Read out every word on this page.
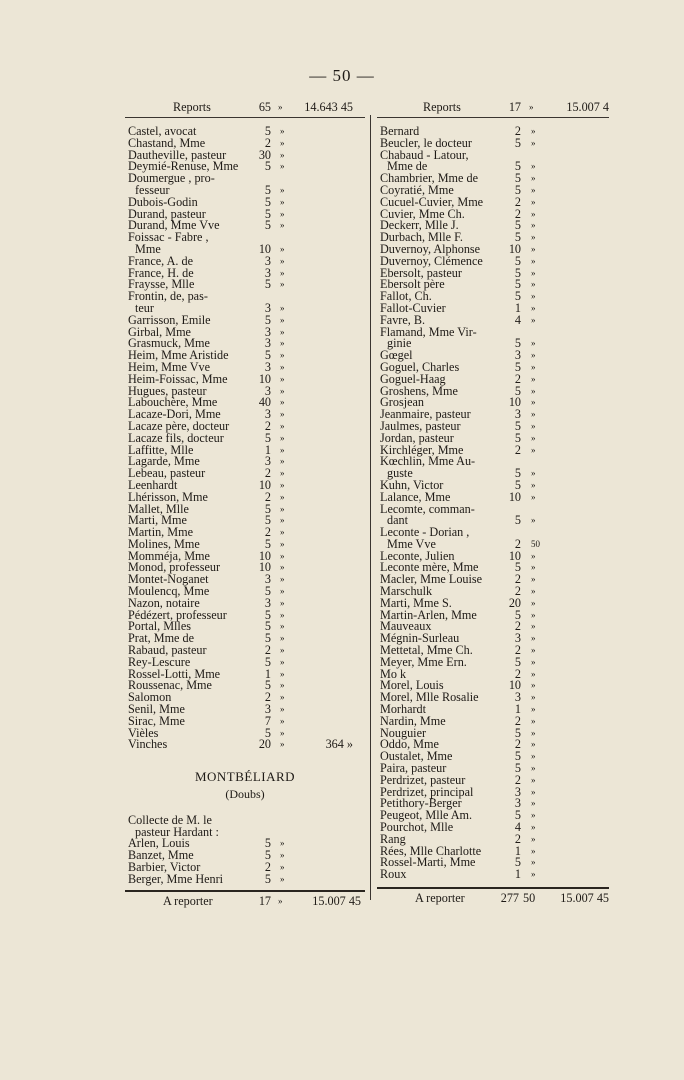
— 50 —
Reports	65 »	14.643 45
Castel, avocat	5 »
Chastand, Mme	2 »
Dautheville, pasteur	30 »
Deymié-Renuse, Mme	5 »
Doumergue , pro-
fesseur	5 »
Dubois-Godin	5 »
Durand, pasteur	5 »
Durand, Mme Vve	5 »
Foissac - Fabre ,
Mme	10 »
France, A. de	3 »
France, H. de	3 »
Fraysse, Mlle	5 »
Frontin, de, pas-
teur	3 »
Garrisson, Emile	5 »
Girbal, Mme	3 »
Grasmuck, Mme	3 »
Heim, Mme Aristide	5 »
Heim, Mme Vve	3 »
Heim-Foissac, Mme	10 »
Hugues, pasteur	3 »
Labouchère, Mme	40 »
Lacaze-Dori, Mme	3 »
Lacaze père, docteur	2 »
Lacaze fils, docteur	5 »
Laffitte, Mlle	1 »
Lagarde, Mme	3 »
Lebeau, pasteur	2 »
Leenhardt	10 »
Lhérisson, Mme	2 »
Mallet, Mlle	5 »
Marti, Mme	5 »
Martin, Mme	2 »
Molines, Mme	5 »
Momméja, Mme	10 »
Monod, professeur	10 »
Montet-Noganet	3 »
Moulencq, Mme	5 »
Nazon, notaire	3 »
Pédézert, professeur	5 »
Portal, Mlles	5 »
Prat, Mme de	5 »
Rabaud, pasteur	2 »
Rey-Lescure	5 »
Rossel-Lotti, Mme	1 »
Roussenac, Mme	5 »
Salomon	2 »
Senil, Mme	3 »
Sirac, Mme	7 »
Vièles	5 »
Vinches	20 »	364 »
MONTBÉLIARD
(Doubs)
Collecte de M. le
pasteur Hardant :
Arlen, Louis	5 »
Banzet, Mme	5 »
Barbier, Victor	2 »
Berger, Mme Henri	5 »
A reporter	17 »	15.007 45
Reports	17 »	15.007 4
Bernard	2 »
Beucler, le docteur	5 »
Chabaud - Latour,
Mme de	5 »
Chambrier, Mme de	5 »
Coyratié, Mme	5 »
Cucuel-Cuvier, Mme	2 »
Cuvier, Mme Ch.	2 »
Deckerr, Mlle J.	5 »
Durbach, Mlle F.	5 »
Duvernoy, Alphonse 10 »
Duvernoy, Clémence	5 »
Ebersolt, pasteur	5 »
Ebersolt père	5 »
Fallot, Ch.	5 »
Fallot-Cuvier	1 »
Favre, B.	4 »
Flamand, Mme Vir-
ginie	5 »
Gœgel	3 »
Goguel, Charles	5 »
Goguel-Haag	2 »
Groshens, Mme	5 »
Grosjean	10 »
Jeanmaire, pasteur	3 »
Jaulmes, pasteur	5 »
Jordan, pasteur	5 »
Kirchléger, Mme	2 »
Kœchlin, Mme Au-
guste	5 »
Kuhn, Victor	5 »
Lalance, Mme	10 »
Lecomte, comman-
dant	5 »
Leconte - Dorian ,
Mme Vve	2 50
Leconte, Julien	10 »
Leconte mère, Mme	5 »
Macler, Mme Louise	2 »
Marschulk	2 »
Marti, Mme S.	20 »
Martin-Arlen, Mme	5 »
Mauveaux	2 »
Mégnin-Surleau	3 »
Mettetal, Mme Ch.	2 »
Meyer, Mme Ern.	5 »
Mo k	2 »
Morel, Louis	10 »
Morel, Mlle Rosalie	3 »
Morhardt	1 »
Nardin, Mme	2 »
Nouguier	5 »
Oddo, Mme	2 »
Oustalet, Mme	5 »
Paira, pasteur	5 »
Perdrizet, pasteur	2 »
Perdrizet, principal	3 »
Petithory-Berger	3 »
Peugeot, Mlle Am.	5 »
Pourchot, Mlle	4 »
Rang	2 »
Rées, Mlle Charlotte	1 »
Rossel-Marti, Mme	5 »
Roux	1 »
A reporter	277 50	15.007 45
